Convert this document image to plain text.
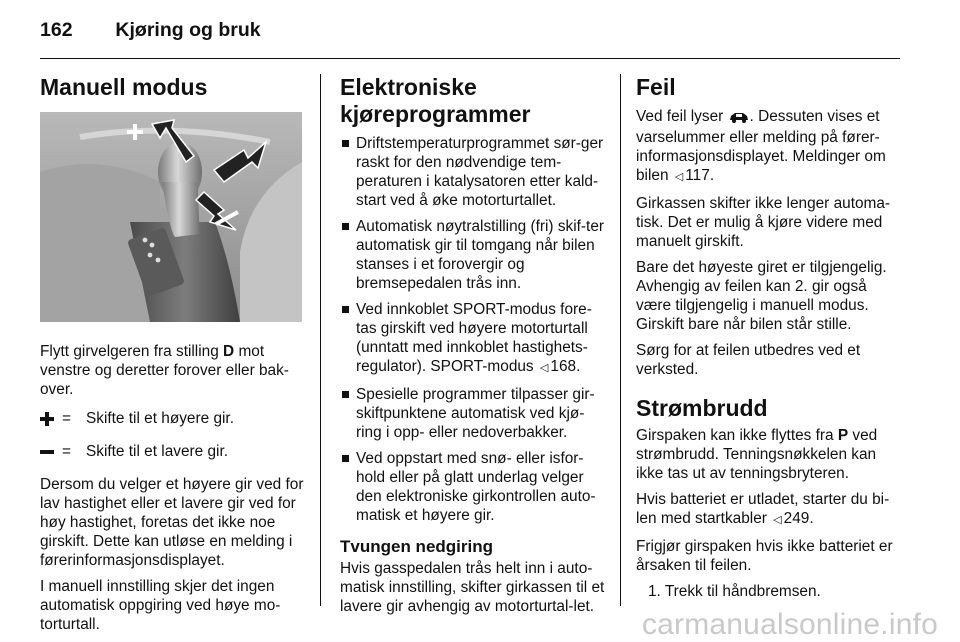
162 Kjøring og bruk
Manuell modus

Flytt girvelgeren fra stilling D mot venstre og deretter forover eller bak-over.

= Skifte til et høyere gir.
= Skifte til et lavere gir.

Dersom du velger et høyere gir ved for lav hastighet eller et lavere gir ved for høy hastighet, foretas det ikke noe girskift. Dette kan utløse en melding i førerinformasjonsdisplayet.

I manuell innstilling skjer det ingen automatisk oppgiring ved høye mo-torturtall.

Elektroniske kjøreprogrammer
Driftstemperaturprogrammet sør-ger raskt for den nødvendige tem-peraturen i katalysatoren etter kald-start ved å øke motorturtallet.
Automatisk nøytralstilling (fri) skif-ter automatisk gir til tomgang når bilen stanses i et forovergir og bremsepedalen trås inn.
Ved innkoblet SPORT-modus fore-tas girskift ved høyere motorturtall (unntatt med innkoblet hastighets-regulator). SPORT-modus ◁ 168.
Spesielle programmer tilpasser gir-skiftpunktene automatisk ved kjø-ring i opp- eller nedoverbakker.
Ved oppstart med snø- eller isfor-hold eller på glatt underlag velger den elektroniske girkontrollen auto-matisk et høyere gir.
Tvungen nedgiring

Hvis gasspedalen trås helt inn i auto-matisk innstilling, skifter girkassen til et lavere gir avhengig av motorturtal-let.

Feil

Ved feil lyser . Dessuten vises et varselummer eller melding på fører-informasjonsdisplayet. Meldinger om bilen ◁ 117.

Girkassen skifter ikke lenger automa-tisk. Det er mulig å kjøre videre med manuelt girskift.

Bare det høyeste giret er tilgjengelig. Avhengig av feilen kan 2. gir også være tilgjengelig i manuell modus. Girskift bare når bilen står stille.

Sørg for at feilen utbedres ved et verksted.

Strømbrudd

Girspaken kan ikke flyttes fra P ved strømbrudd. Tenningsnøkkelen kan ikke tas ut av tenningsbryteren.

Hvis batteriet er utladet, starter du bi-len med startkabler ◁ 249.

Frigjør girspaken hvis ikke batteriet er årsaken til feilen.

1. Trekk til håndbremsen.
carmanualsonline.info
